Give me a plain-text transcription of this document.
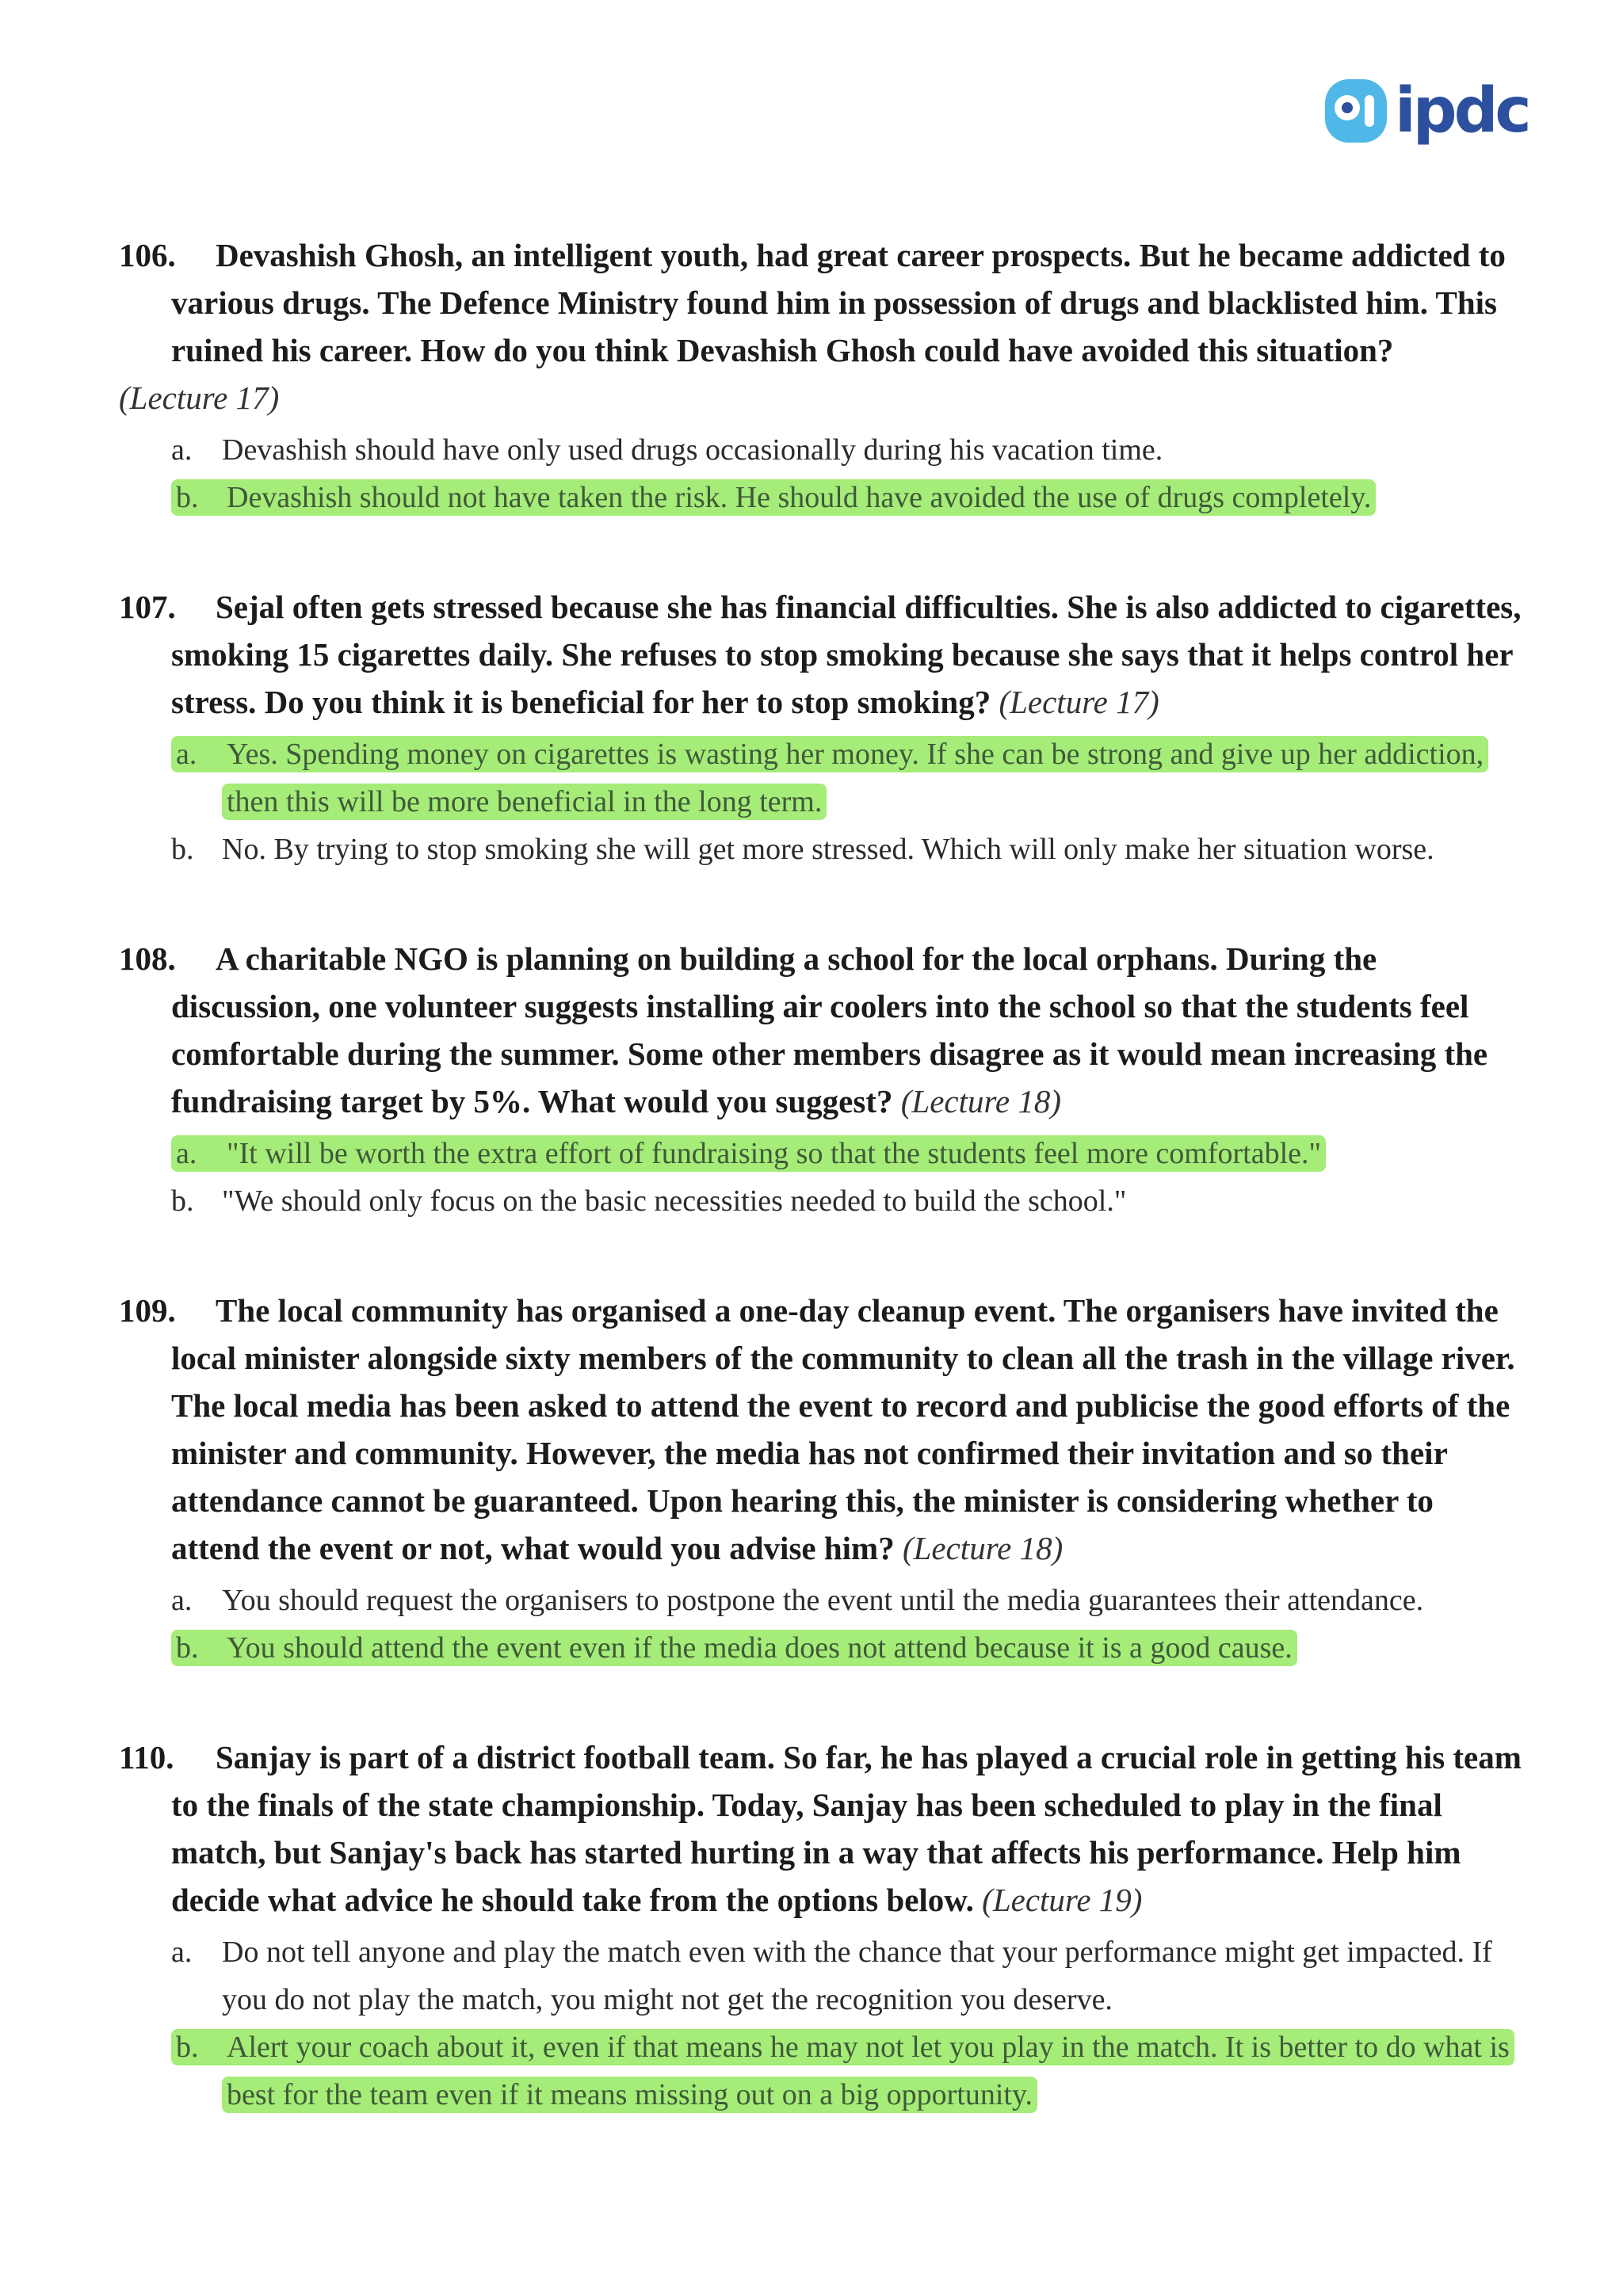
ipdc

106. Devashish Ghosh, an intelligent youth, had great career prospects. But he became addicted to various drugs. The Defence Ministry found him in possession of drugs and blacklisted him. This ruined his career. How do you think Devashish Ghosh could have avoided this situation?
(Lecture 17)

a. Devashish should have only used drugs occasionally during his vacation time.
b. Devashish should not have taken the risk. He should have avoided the use of drugs completely.

107. Sejal often gets stressed because she has financial difficulties. She is also addicted to cigarettes, smoking 15 cigarettes daily. She refuses to stop smoking because she says that it helps control her stress. Do you think it is beneficial for her to stop smoking? (Lecture 17)

a. Yes. Spending money on cigarettes is wasting her money. If she can be strong and give up her addiction, then this will be more beneficial in the long term.
b. No. By trying to stop smoking she will get more stressed. Which will only make her situation worse.

108. A charitable NGO is planning on building a school for the local orphans. During the discussion, one volunteer suggests installing air coolers into the school so that the students feel comfortable during the summer. Some other members disagree as it would mean increasing the fundraising target by 5%. What would you suggest? (Lecture 18)

a. "It will be worth the extra effort of fundraising so that the students feel more comfortable."
b. "We should only focus on the basic necessities needed to build the school."

109. The local community has organised a one-day cleanup event. The organisers have invited the local minister alongside sixty members of the community to clean all the trash in the village river. The local media has been asked to attend the event to record and publicise the good efforts of the minister and community. However, the media has not confirmed their invitation and so their attendance cannot be guaranteed. Upon hearing this, the minister is considering whether to attend the event or not, what would you advise him? (Lecture 18)

a. You should request the organisers to postpone the event until the media guarantees their attendance.
b. You should attend the event even if the media does not attend because it is a good cause.

110. Sanjay is part of a district football team. So far, he has played a crucial role in getting his team to the finals of the state championship. Today, Sanjay has been scheduled to play in the final match, but Sanjay's back has started hurting in a way that affects his performance. Help him decide what advice he should take from the options below. (Lecture 19)

a. Do not tell anyone and play the match even with the chance that your performance might get impacted. If you do not play the match, you might not get the recognition you deserve.
b. Alert your coach about it, even if that means he may not let you play in the match. It is better to do what is best for the team even if it means missing out on a big opportunity.
